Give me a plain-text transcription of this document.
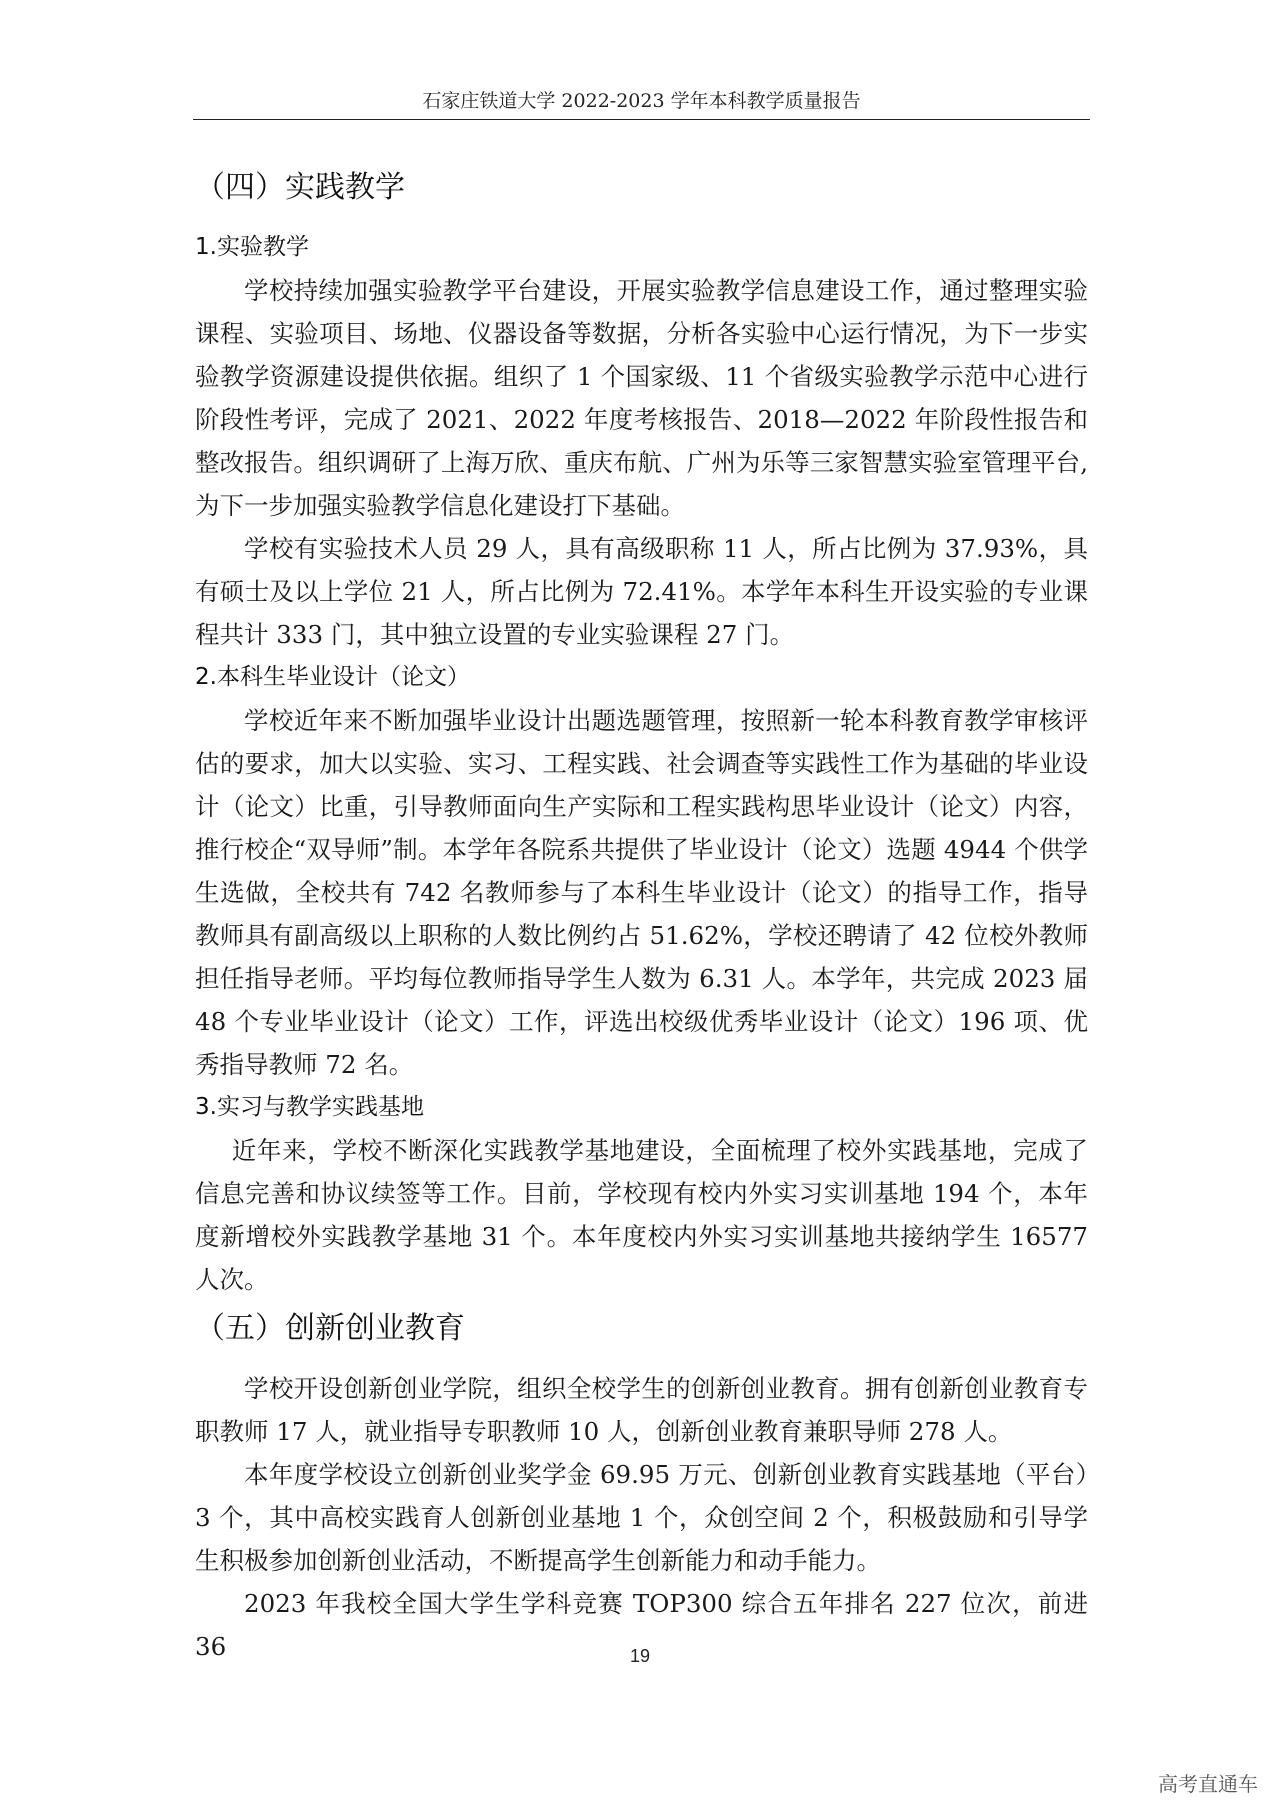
石家庄铁道大学 2022-2023 学年本科教学质量报告
（四）实践教学
1.实验教学

学校持续加强实验教学平台建设，开展实验教学信息建设工作，通过整理实验课程、实验项目、场地、仪器设备等数据，分析各实验中心运行情况，为下一步实验教学资源建设提供依据。组织了 1 个国家级、11 个省级实验教学示范中心进行阶段性考评，完成了 2021、2022 年度考核报告、2018—2022 年阶段性报告和整改报告。组织调研了上海万欣、重庆布航、广州为乐等三家智慧实验室管理平台,为下一步加强实验教学信息化建设打下基础。

学校有实验技术人员 29 人，具有高级职称 11 人，所占比例为 37.93%，具有硕士及以上学位 21 人，所占比例为 72.41%。本学年本科生开设实验的专业课程共计 333 门，其中独立设置的专业实验课程 27 门。

2.本科生毕业设计（论文）

学校近年来不断加强毕业设计出题选题管理，按照新一轮本科教育教学审核评估的要求，加大以实验、实习、工程实践、社会调查等实践性工作为基础的毕业设计（论文）比重，引导教师面向生产实际和工程实践构思毕业设计（论文）内容，推行校企“双导师”制。本学年各院系共提供了毕业设计（论文）选题 4944 个供学生选做，全校共有 742 名教师参与了本科生毕业设计（论文）的指导工作，指导教师具有副高级以上职称的人数比例约占 51.62%，学校还聘请了 42 位校外教师担任指导老师。平均每位教师指导学生人数为 6.31 人。本学年，共完成 2023 届 48 个专业毕业设计（论文）工作，评选出校级优秀毕业设计（论文）196 项、优秀指导教师 72 名。

3.实习与教学实践基地

近年来，学校不断深化实践教学基地建设，全面梳理了校外实践基地，完成了信息完善和协议续签等工作。目前，学校现有校内外实习实训基地 194 个，本年度新增校外实践教学基地 31 个。本年度校内外实习实训基地共接纳学生 16577 人次。

（五）创新创业教育

学校开设创新创业学院，组织全校学生的创新创业教育。拥有创新创业教育专职教师 17 人，就业指导专职教师 10 人，创新创业教育兼职导师 278 人。

本年度学校设立创新创业奖学金 69.95 万元、创新创业教育实践基地（平台）3 个，其中高校实践育人创新创业基地 1 个，众创空间 2 个，积极鼓励和引导学生积极参加创新创业活动，不断提高学生创新能力和动手能力。

2023 年我校全国大学生学科竞赛 TOP300 综合五年排名 227 位次，前进 36	19
高考直通车
